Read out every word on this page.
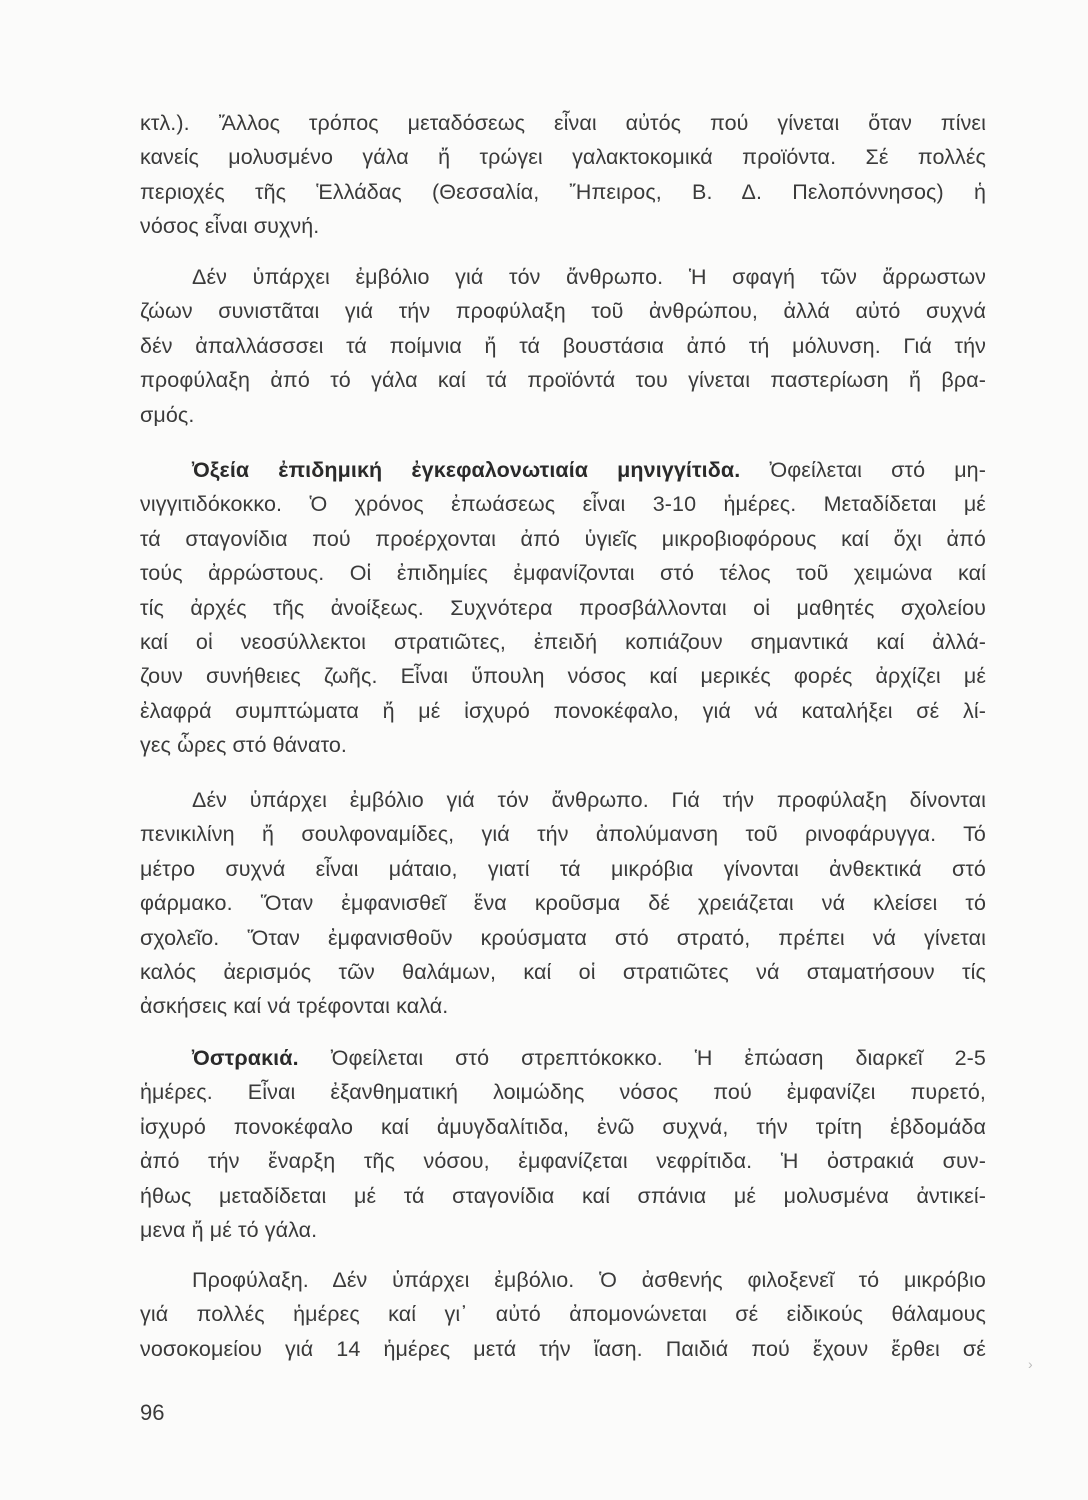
κτλ.). Ἄλλος τρόπος μεταδόσεως εἶναι αὐτός πού γίνεται ὅταν πίνει
κανείς μολυσμένο γάλα ἤ τρώγει γαλακτοκομικά προϊόντα. Σέ πολλές
περιοχές τῆς Ἑλλάδας (Θεσσαλία, Ἤπειρος, Β. Δ. Πελοπόννησος) ἡ
νόσος εἶναι συχνή.
Δέν ὑπάρχει ἐμβόλιο γιά τόν ἄνθρωπο. Ἡ σφαγή τῶν ἄρρωστων
ζώων συνιστᾶται γιά τήν προφύλαξη τοῦ ἀνθρώπου, ἀλλά αὐτό συχνά
δέν ἀπαλλάσσσει τά ποίμνια ἤ τά βουστάσια ἀπό τή μόλυνση. Γιά τήν
προφύλαξη ἀπό τό γάλα καί τά προϊόντά του γίνεται παστερίωση ἤ βρα-
σμός.
Ὀξεία ἐπιδημική ἐγκεφαλονωτιαία μηνιγγίτιδα. Ὀφείλεται στό μη-
νιγγιτιδόκοκκο. Ὁ χρόνος ἐπωάσεως εἶναι 3-10 ἡμέρες. Μεταδίδεται μέ
τά σταγονίδια πού προέρχονται ἀπό ὑγιεῖς μικροβιοφόρους καί ὄχι ἀπό
τούς ἀρρώστους. Οἱ ἐπιδημίες ἐμφανίζονται στό τέλος τοῦ χειμώνα καί
τίς ἀρχές τῆς ἀνοίξεως. Συχνότερα προσβάλλονται οἱ μαθητές σχολείου
καί οἱ νεοσύλλεκτοι στρατιῶτες, ἐπειδή κοπιάζουν σημαντικά καί ἀλλά-
ζουν συνήθειες ζωῆς. Εἶναι ὕπουλη νόσος καί μερικές φορές ἀρχίζει μέ
ἐλαφρά συμπτώματα ἤ μέ ἰσχυρό πονοκέφαλο, γιά νά καταλήξει σέ λί-
γες ὧρες στό θάνατο.
Δέν ὑπάρχει ἐμβόλιο γιά τόν ἄνθρωπο. Γιά τήν προφύλαξη δίνονται
πενικιλίνη ἤ σουλφοναμίδες, γιά τήν ἀπολύμανση τοῦ ρινοφάρυγγα. Τό
μέτρο συχνά εἶναι μάταιο, γιατί τά μικρόβια γίνονται ἀνθεκτικά στό
φάρμακο. Ὅταν ἐμφανισθεῖ ἕνα κροῦσμα δέ χρειάζεται νά κλείσει τό
σχολεῖο. Ὅταν ἐμφανισθοῦν κρούσματα στό στρατό, πρέπει νά γίνεται
καλός ἀερισμός τῶν θαλάμων, καί οἱ στρατιῶτες νά σταματήσουν τίς
ἀσκήσεις καί νά τρέφονται καλά.
Ὀστρακιά. Ὀφείλεται στό στρεπτόκοκκο. Ἡ ἐπώαση διαρκεῖ 2-5
ἡμέρες. Εἶναι ἐξανθηματική λοιμώδης νόσος πού ἐμφανίζει πυρετό,
ἰσχυρό πονοκέφαλο καί ἀμυγδαλίτιδα, ἐνῶ συχνά, τήν τρίτη ἑβδομάδα
ἀπό τήν ἔναρξη τῆς νόσου, ἐμφανίζεται νεφρίτιδα. Ἡ ὀστρακιά συν-
ήθως μεταδίδεται μέ τά σταγονίδια καί σπάνια μέ μολυσμένα ἀντικεί-
μενα ἤ μέ τό γάλα.
Προφύλαξη. Δέν ὑπάρχει ἐμβόλιο. Ὁ ἀσθενής φιλοξενεῖ τό μικρόβιο
γιά πολλές ἡμέρες καί γι᾽ αὐτό ἀπομονώνεται σέ εἰδικούς θάλαμους
νοσοκομείου γιά 14 ἡμέρες μετά τήν ἴαση. Παιδιά πού ἔχουν ἔρθει σέ
96
›
